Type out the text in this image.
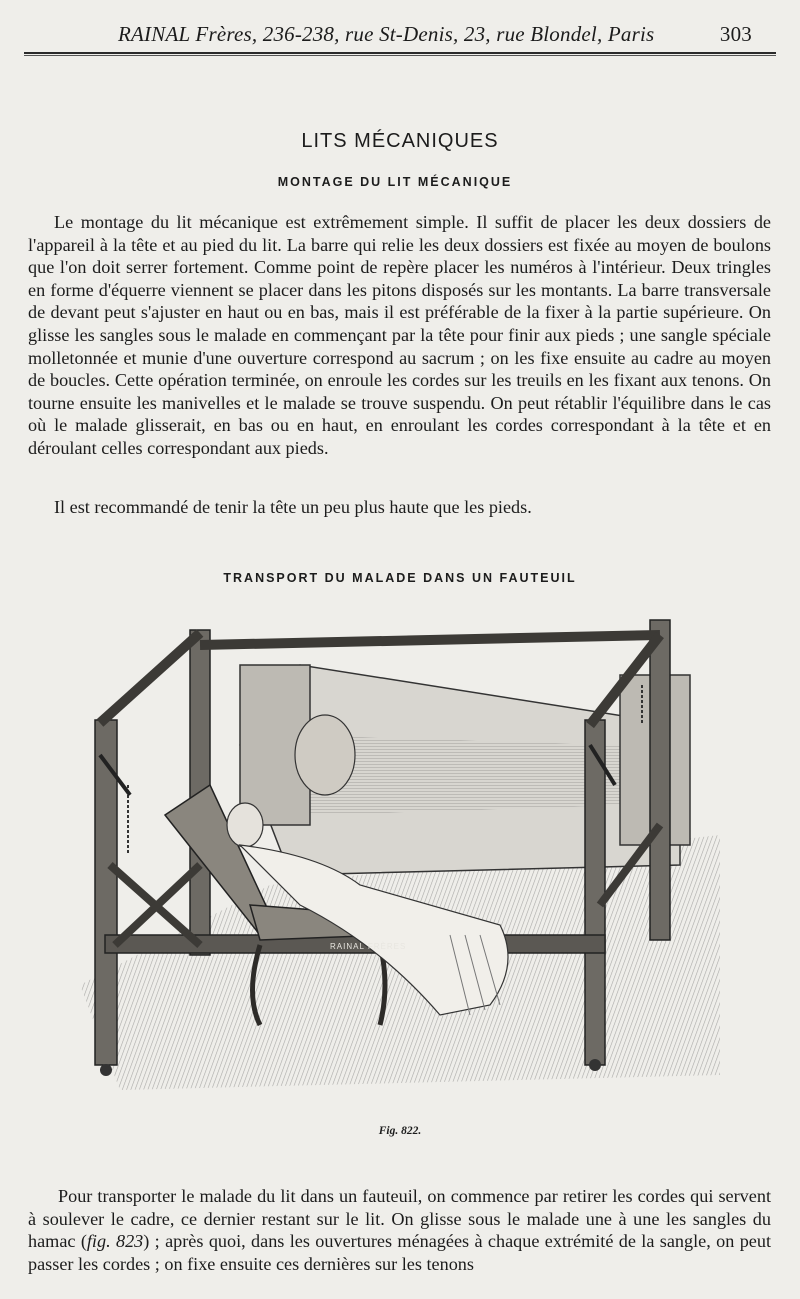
RAINAL Frères, 236-238, rue St-Denis, 23, rue Blondel, Paris	303
LITS MÉCANIQUES
MONTAGE DU LIT MÉCANIQUE

Le montage du lit mécanique est extrêmement simple. Il suffit de placer les deux dossiers de l'appareil à la tête et au pied du lit. La barre qui relie les deux dossiers est fixée au moyen de boulons que l'on doit serrer fortement. Comme point de repère placer les numéros à l'intérieur. Deux tringles en forme d'équerre viennent se placer dans les pitons disposés sur les montants. La barre transversale de devant peut s'ajuster en haut ou en bas, mais il est préférable de la fixer à la partie supérieure. On glisse les sangles sous le malade en commençant par la tête pour finir aux pieds ; une sangle spéciale molletonnée et munie d'une ouverture correspond au sacrum ; on les fixe ensuite au cadre au moyen de boucles. Cette opération terminée, on enroule les cordes sur les treuils en les fixant aux tenons. On tourne ensuite les manivelles et le malade se trouve suspendu. On peut rétablir l'équilibre dans le cas où le malade glisserait, en bas ou en haut, en enroulant les cordes correspondant à la tête et en déroulant celles correspondant aux pieds.

Il est recommandé de tenir la tête un peu plus haute que les pieds.

TRANSPORT DU MALADE DANS UN FAUTEUIL
RAINAL FRÈRES
Fig. 822.

Pour transporter le malade du lit dans un fauteuil, on commence par retirer les cordes qui servent à soulever le cadre, ce dernier restant sur le lit. On glisse sous le malade une à une les sangles du hamac (fig. 823) ; après quoi, dans les ouvertures ménagées à chaque extrémité de la sangle, on peut passer les cordes ; on fixe ensuite ces dernières sur les tenons
